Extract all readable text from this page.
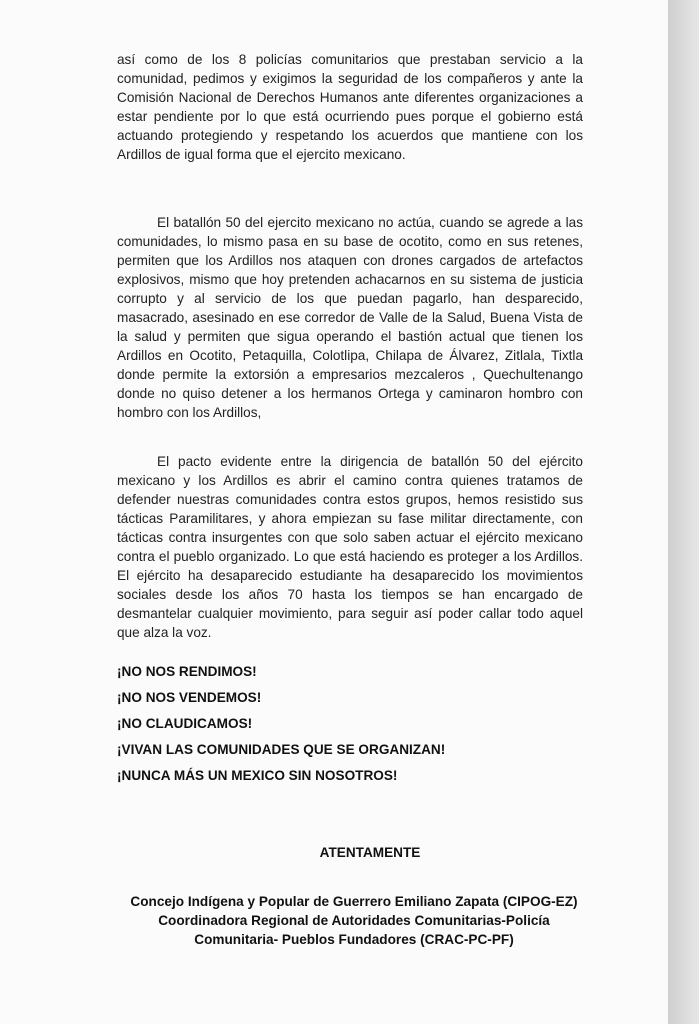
así como de los 8 policías comunitarios que prestaban servicio a la comunidad, pedimos y exigimos la seguridad de los compañeros y ante la Comisión Nacional de Derechos Humanos ante diferentes organizaciones a estar pendiente por lo que está ocurriendo pues porque el gobierno está actuando protegiendo y respetando los acuerdos que mantiene con los Ardillos de igual forma que el ejercito mexicano.

El batallón 50 del ejercito mexicano no actúa, cuando se agrede a las comunidades, lo mismo pasa en su base de ocotito, como en sus retenes, permiten que los Ardillos nos ataquen con drones cargados de artefactos explosivos, mismo que hoy pretenden achacarnos en su sistema de justicia corrupto y al servicio de los que puedan pagarlo, han desparecido, masacrado, asesinado en ese corredor de Valle de la Salud, Buena Vista de la salud y permiten que sigua operando el bastión actual que tienen los Ardillos en Ocotito, Petaquilla, Colotlipa, Chilapa de Álvarez, Zitlala, Tixtla donde permite la extorsión a empresarios mezcaleros , Quechultenango donde no quiso detener a los hermanos Ortega y caminaron hombro con hombro con los Ardillos,

El pacto evidente entre la dirigencia de batallón 50 del ejército mexicano y los Ardillos es abrir el camino contra quienes tratamos de defender nuestras comunidades contra estos grupos, hemos resistido sus tácticas Paramilitares, y ahora empiezan su fase militar directamente, con tácticas contra insurgentes con que solo saben actuar el ejército mexicano contra el pueblo organizado. Lo que está haciendo es proteger a los Ardillos. El ejército ha desaparecido estudiante ha desaparecido los movimientos sociales desde los años 70 hasta los tiempos se han encargado de desmantelar cualquier movimiento, para seguir así poder callar todo aquel que alza la voz.

¡NO NOS RENDIMOS!
¡NO NOS VENDEMOS!
¡NO CLAUDICAMOS!
¡VIVAN LAS COMUNIDADES QUE SE ORGANIZAN!
¡NUNCA MÁS UN MEXICO SIN NOSOTROS!
ATENTAMENTE
Concejo Indígena y Popular de Guerrero Emiliano Zapata (CIPOG-EZ) Coordinadora Regional de Autoridades Comunitarias-Policía Comunitaria- Pueblos Fundadores (CRAC-PC-PF)
